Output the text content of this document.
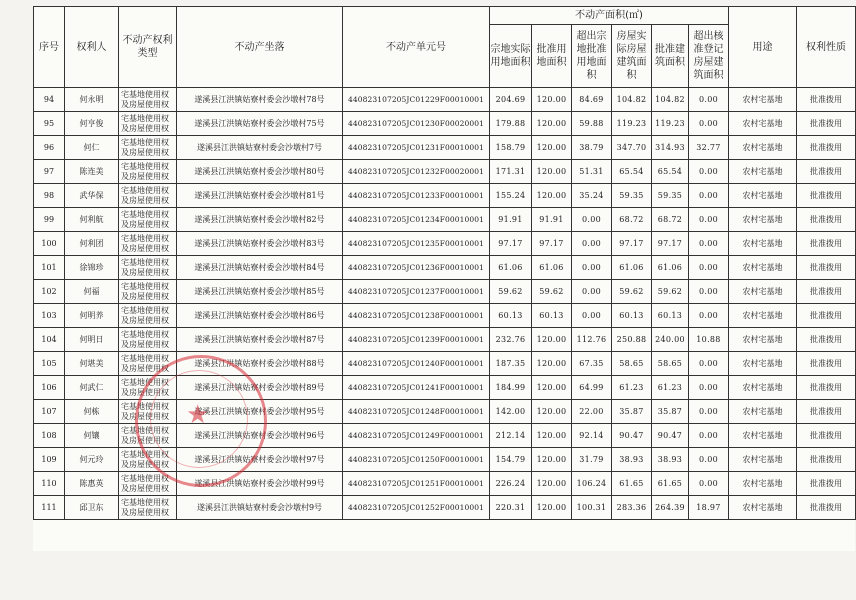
序号	权利人	不动产权利类型	不动产坐落	不动产单元号	不动产面积(㎡)						用途	权利性质
					宗地实际用地面积	批准用地面积	超出宗地批准用地面积	房屋实际房屋建筑面积	批准建筑面积	超出核准登记房屋建筑面积		
94	何永明	宅基地使用权及房屋使用权	遂溪县江洪镇姑寮村委会沙墩村78号	440823107205JC01229F00010001	204.69	120.00	84.69	104.82	104.82	0.00	农村宅基地	批准拨用
95	何亨俊	宅基地使用权及房屋使用权	遂溪县江洪镇姑寮村委会沙墩村75号	440823107205JC01230F00020001	179.88	120.00	59.88	119.23	119.23	0.00	农村宅基地	批准拨用
96	何仁	宅基地使用权及房屋使用权	遂溪县江洪镇姑寮村委会沙墩村7号	440823107205JC01231F00010001	158.79	120.00	38.79	347.70	314.93	32.77	农村宅基地	批准拨用
97	陈连美	宅基地使用权及房屋使用权	遂溪县江洪镇姑寮村委会沙墩村80号	440823107205JC01232F00020001	171.31	120.00	51.31	65.54	65.54	0.00	农村宅基地	批准拨用
98	武华保	宅基地使用权及房屋使用权	遂溪县江洪镇姑寮村委会沙墩村81号	440823107205JC01233F00010001	155.24	120.00	35.24	59.35	59.35	0.00	农村宅基地	批准拨用
99	何利航	宅基地使用权及房屋使用权	遂溪县江洪镇姑寮村委会沙墩村82号	440823107205JC01234F00010001	91.91	91.91	0.00	68.72	68.72	0.00	农村宅基地	批准拨用
100	何利团	宅基地使用权及房屋使用权	遂溪县江洪镇姑寮村委会沙墩村83号	440823107205JC01235F00010001	97.17	97.17	0.00	97.17	97.17	0.00	农村宅基地	批准拨用
101	徐锦珍	宅基地使用权及房屋使用权	遂溪县江洪镇姑寮村委会沙墩村84号	440823107205JC01236F00010001	61.06	61.06	0.00	61.06	61.06	0.00	农村宅基地	批准拨用
102	何福	宅基地使用权及房屋使用权	遂溪县江洪镇姑寮村委会沙墩村85号	440823107205JC01237F00010001	59.62	59.62	0.00	59.62	59.62	0.00	农村宅基地	批准拨用
103	何明养	宅基地使用权及房屋使用权	遂溪县江洪镇姑寮村委会沙墩村86号	440823107205JC01238F00010001	60.13	60.13	0.00	60.13	60.13	0.00	农村宅基地	批准拨用
104	何明日	宅基地使用权及房屋使用权	遂溪县江洪镇姑寮村委会沙墩村87号	440823107205JC01239F00010001	232.76	120.00	112.76	250.88	240.00	10.88	农村宅基地	批准拨用
105	何堪美	宅基地使用权及房屋使用权	遂溪县江洪镇姑寮村委会沙墩村88号	440823107205JC01240F00010001	187.35	120.00	67.35	58.65	58.65	0.00	农村宅基地	批准拨用
106	何武仁	宅基地使用权及房屋使用权	遂溪县江洪镇姑寮村委会沙墩村89号	440823107205JC01241F00010001	184.99	120.00	64.99	61.23	61.23	0.00	农村宅基地	批准拨用
107	何栋	宅基地使用权及房屋使用权	遂溪县江洪镇姑寮村委会沙墩村95号	440823107205JC01248F00010001	142.00	120.00	22.00	35.87	35.87	0.00	农村宅基地	批准拨用
108	何镶	宅基地使用权及房屋使用权	遂溪县江洪镇姑寮村委会沙墩村96号	440823107205JC01249F00010001	212.14	120.00	92.14	90.47	90.47	0.00	农村宅基地	批准拨用
109	何元玲	宅基地使用权及房屋使用权	遂溪县江洪镇姑寮村委会沙墩村97号	440823107205JC01250F00010001	154.79	120.00	31.79	38.93	38.93	0.00	农村宅基地	批准拨用
110	陈惠英	宅基地使用权及房屋使用权	遂溪县江洪镇姑寮村委会沙墩村99号	440823107205JC01251F00010001	226.24	120.00	106.24	61.65	61.65	0.00	农村宅基地	批准拨用
111	邱卫东	宅基地使用权及房屋使用权	遂溪县江洪镇姑寮村委会沙墩村9号	440823107205JC01252F00010001	220.31	120.00	100.31	283.36	264.39	18.97	农村宅基地	批准拨用
★
